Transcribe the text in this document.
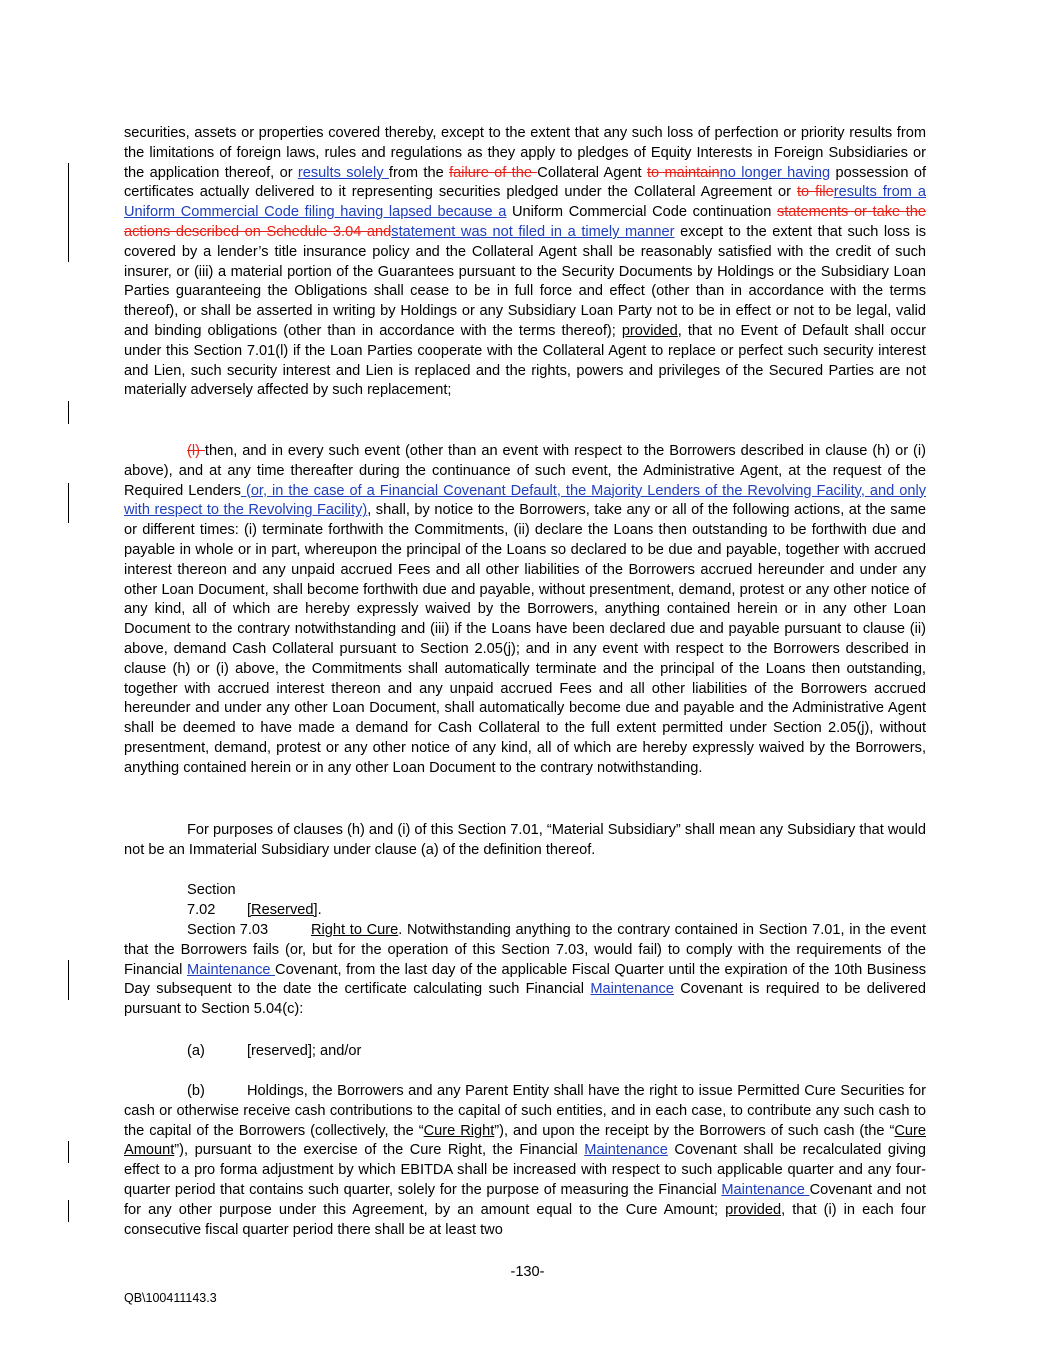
securities, assets or properties covered thereby, except to the extent that any such loss of perfection or priority results from the limitations of foreign laws, rules and regulations as they apply to pledges of Equity Interests in Foreign Subsidiaries or the application thereof, or results solely from the failure of the Collateral Agent to maintainno longer having possession of certificates actually delivered to it representing securities pledged under the Collateral Agreement or to fileresults from a Uniform Commercial Code filing having lapsed because a Uniform Commercial Code continuation statements or take the actions described on Schedule 3.04 andstatement was not filed in a timely manner except to the extent that such loss is covered by a lender’s title insurance policy and the Collateral Agent shall be reasonably satisfied with the credit of such insurer, or (iii) a material portion of the Guarantees pursuant to the Security Documents by Holdings or the Subsidiary Loan Parties guaranteeing the Obligations shall cease to be in full force and effect (other than in accordance with the terms thereof), or shall be asserted in writing by Holdings or any Subsidiary Loan Party not to be in effect or not to be legal, valid and binding obligations (other than in accordance with the terms thereof); provided, that no Event of Default shall occur under this Section 7.01(l) if the Loan Parties cooperate with the Collateral Agent to replace or perfect such security interest and Lien, such security interest and Lien is replaced and the rights, powers and privileges of the Secured Parties are not materially adversely affected by such replacement;

(l) then, and in every such event (other than an event with respect to the Borrowers described in clause (h) or (i) above), and at any time thereafter during the continuance of such event, the Administrative Agent, at the request of the Required Lenders (or, in the case of a Financial Covenant Default, the Majority Lenders of the Revolving Facility, and only with respect to the Revolving Facility), shall, by notice to the Borrowers, take any or all of the following actions, at the same or different times: (i) terminate forthwith the Commitments, (ii) declare the Loans then outstanding to be forthwith due and payable in whole or in part, whereupon the principal of the Loans so declared to be due and payable, together with accrued interest thereon and any unpaid accrued Fees and all other liabilities of the Borrowers accrued hereunder and under any other Loan Document, shall become forthwith due and payable, without presentment, demand, protest or any other notice of any kind, all of which are hereby expressly waived by the Borrowers, anything contained herein or in any other Loan Document to the contrary notwithstanding and (iii) if the Loans have been declared due and payable pursuant to clause (ii) above, demand Cash Collateral pursuant to Section 2.05(j); and in any event with respect to the Borrowers described in clause (h) or (i) above, the Commitments shall automatically terminate and the principal of the Loans then outstanding, together with accrued interest thereon and any unpaid accrued Fees and all other liabilities of the Borrowers accrued hereunder and under any other Loan Document, shall automatically become due and payable and the Administrative Agent shall be deemed to have made a demand for Cash Collateral to the full extent permitted under Section 2.05(j), without presentment, demand, protest or any other notice of any kind, all of which are hereby expressly waived by the Borrowers, anything contained herein or in any other Loan Document to the contrary notwithstanding.

For purposes of clauses (h) and (i) of this Section 7.01, “Material Subsidiary” shall mean any Subsidiary that would not be an Immaterial Subsidiary under clause (a) of the definition thereof.

Section 7.02 [Reserved].

Section 7.03	Right to Cure. Notwithstanding anything to the contrary contained in Section 7.01, in the event that the Borrowers fails (or, but for the operation of this Section 7.03, would fail) to comply with the requirements of the Financial Maintenance Covenant, from the last day of the applicable Fiscal Quarter until the expiration of the 10th Business Day subsequent to the date the certificate calculating such Financial Maintenance Covenant is required to be delivered pursuant to Section 5.04(c):

(a)	[reserved]; and/or

(b)	Holdings, the Borrowers and any Parent Entity shall have the right to issue Permitted Cure Securities for cash or otherwise receive cash contributions to the capital of such entities, and in each case, to contribute any such cash to the capital of the Borrowers (collectively, the “Cure Right”), and upon the receipt by the Borrowers of such cash (the “Cure Amount”), pursuant to the exercise of the Cure Right, the Financial Maintenance Covenant shall be recalculated giving effect to a pro forma adjustment by which EBITDA shall be increased with respect to such applicable quarter and any four-quarter period that contains such quarter, solely for the purpose of measuring the Financial Maintenance Covenant and not for any other purpose under this Agreement, by an amount equal to the Cure Amount; provided, that (i) in each four consecutive fiscal quarter period there shall be at least two

-130-
QB\100411143.3
